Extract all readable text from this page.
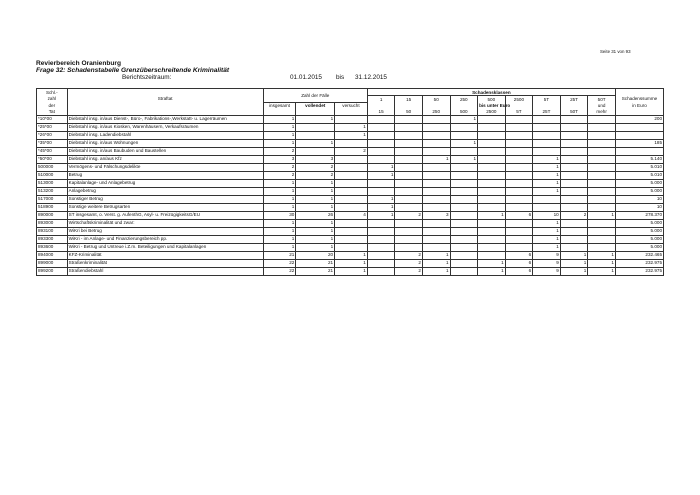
Seite 31 von 93
Revierbereich Oranienburg
Frage 32: Schadenstabelle Grenzüberschreitende Kriminalität
Berichtszeitraum:	01.01.2015 bis 31.12.2015
Schl.-		Zahl der Fälle			Schadensklassen									
zahl	Straftat				1	15	50	250	500	2500	5T	25T	50T	Schadenssumme
der		insgesamt	vollendet	versucht					bis unter Euro				und	in Euro
Tat					15	50	250	500	2500	5T	25T	50T	mehr	
*10*00	Diebstahl insg. in/aus Dienst-, Büro-, Fabrikations-,Werkstatt- u. Lagerräumen	1	1					1						200
*25*00	Diebstahl insg. in/aus Kiosken, Warenhäusern, Verkaufsräumen	1		1										
*26*00	Diebstahl insg. Ladendiebstahl	1		1										
*35*00	Diebstahl insg. in/aus Wohnungen	1	1					1						185
*45*00	Diebstahl insg. in/aus Baubuden und Baustellen	2		2										
*50*00	Diebstahl insg. an/aus Kfz	3	3				1	1			1			5.140
500000	Vermögens- und Fälschungsdelikte	2	2		1						1			5.010
510000	Betrug	2	2		1						1			5.010
513000	Kapitalanlage- und Anlagebetrug	1	1								1			5.000
513200	Anlagebetrug	1	1								1			5.000
517000	Sonstiger Betrug	1	1		1									10
518900	Sonstige weitere Betrugsarten	1	1		1									10
890000	ST insgesamt, o. Verst. g. AufenthG, Asyl- u. FreizügigkeitsG/EU	30	26	4	1	2	3		1	6	10	2	1	278.370
893000	Wirtschaftskriminalität und zwar:	1	1								1			5.000
893100	WiKri bei Betrug	1	1								1			5.000
893300	WiKri - im Anlage- und Finanzierungsbereich pp.	1	1								1			5.000
893600	WiKri - Betrug und Untreue i.Z.m. Beteiligungen und Kapitalanlagen	1	1								1			5.000
894000	KFZ-Kriminalität	21	20	1		2	1			6	9	1	1	232.465
899000	Straßenkriminalität	22	21	1		2	1		1	6	9	1	1	232.975
899200	Straßendiebstahl	22	21	1		2	1		1	6	9	1	1	232.975
